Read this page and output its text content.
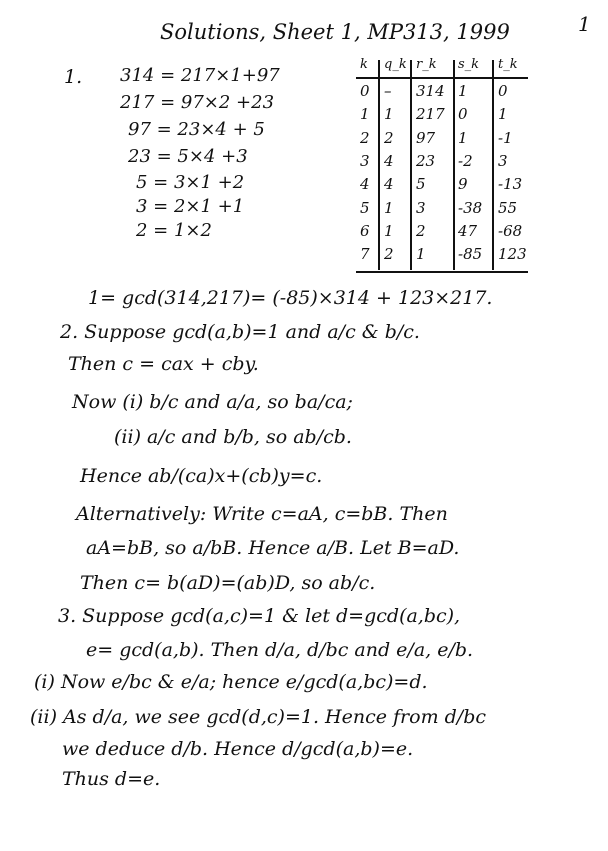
Solutions, Sheet 1, MP313, 1999	1
1. 314 = 217×1+97
217 = 97×2 +23
97 = 23×4 + 5
23 = 5×4 +3
5 = 3×1 +2
3 = 2×1 +1
2 = 1×2
k q_k r_k s_k t_k
0 – 314 1 0
1 1 217 0 1
2 2 97 1 -1
3 4 23 -2 3
4 4 5 9 -13
5 1 3 -38 55
6 1 2 47 -68
7 2 1 -85 123
1= gcd(314,217)= (-85)×314 + 123×217.
2. Suppose gcd(a,b)=1 and a/c & b/c.
Then c = cax + cby.
Now (i) b/c and a/a, so ba/ca;
(ii) a/c and b/b, so ab/cb.
Hence ab/(ca)x+(cb)y=c.
Alternatively: Write c=aA, c=bB. Then
aA=bB, so a/bB. Hence a/B. Let B=aD.
Then c= b(aD)=(ab)D, so ab/c.
3. Suppose gcd(a,c)=1 & let d=gcd(a,bc),
e= gcd(a,b). Then d/a, d/bc and e/a, e/b.
(i) Now e/bc & e/a; hence e/gcd(a,bc)=d.
(ii) As d/a, we see gcd(d,c)=1. Hence from d/bc
we deduce d/b. Hence d/gcd(a,b)=e.
Thus d=e.
